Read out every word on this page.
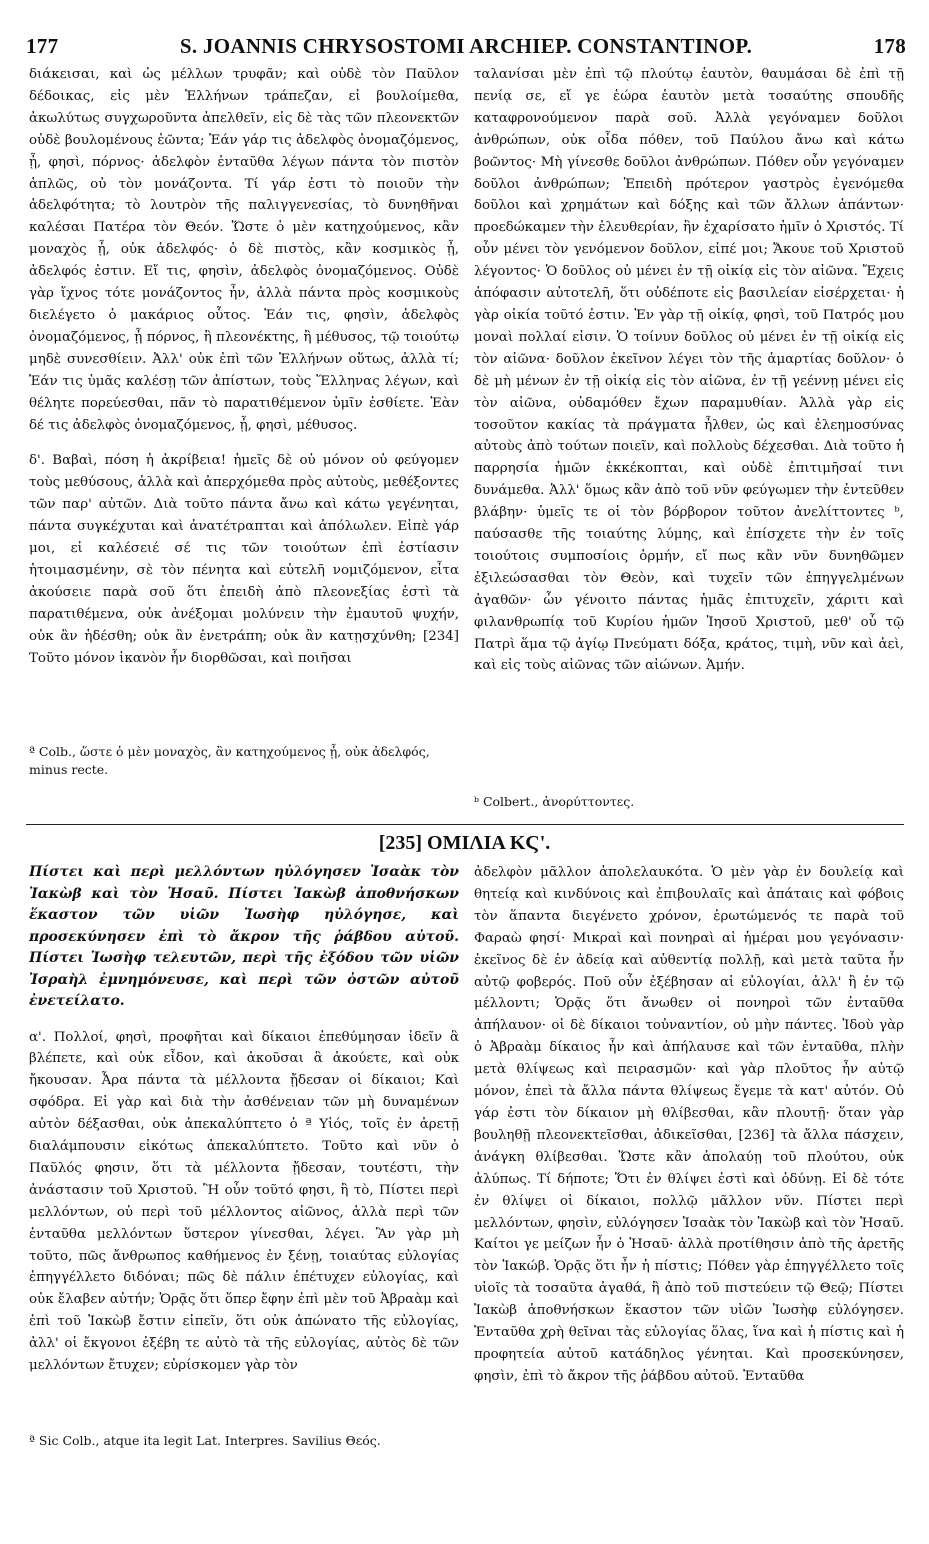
177	S. JOANNIS CHRYSOSTOMI ARCHIEP. CONSTANTINOP.	178

διάκεισαι, καὶ ὡς μέλλων τρυφᾶν; καὶ οὐδὲ τὸν Παῦλον δέδοικας, εἰς μὲν Ἑλλήνων τράπεζαν, εἰ βουλοίμεθα, ἀκωλύτως συγχωροῦντα ἀπελθεῖν, εἰς δὲ τὰς τῶν πλεονεκτῶν οὐδὲ βουλομένους ἐῶντα; Ἐάν γάρ τις ἀδελφὸς ὀνομαζόμενος, ᾖ, φησὶ, πόρνος· ἀδελφὸν ἐνταῦθα λέγων πάντα τὸν πιστὸν ἁπλῶς, οὐ τὸν μονάζοντα. Τί γάρ ἐστι τὸ ποιοῦν τὴν ἀδελφότητα; τὸ λουτρὸν τῆς παλιγγενεσίας, τὸ δυνηθῆναι καλέσαι Πατέρα τὸν Θεόν. Ὥστε ὁ μὲν κατηχούμενος, κἂν μοναχὸς ᾖ, οὐκ ἀδελφός· ὁ δὲ πιστὸς, κἂν κοσμικὸς ᾖ, ἀδελφός ἐστιν. Εἴ τις, φησὶν, ἀδελφὸς ὀνομαζόμενος. Οὐδὲ γὰρ ἴχνος τότε μονάζοντος ἦν, ἀλλὰ πάντα πρὸς κοσμικοὺς διελέγετο ὁ μακάριος οὗτος. Ἐάν τις, φησὶν, ἀδελφὸς ὀνομαζόμενος, ᾖ πόρνος, ἢ πλεονέκτης, ἢ μέθυσος, τῷ τοιούτῳ μηδὲ συνεσθίειν. Ἀλλ' οὐκ ἐπὶ τῶν Ἑλλήνων οὕτως, ἀλλὰ τί; Ἐάν τις ὑμᾶς καλέσῃ τῶν ἀπίστων, τοὺς Ἕλληνας λέγων, καὶ θέλητε πορεύεσθαι, πᾶν τὸ παρατιθέμενον ὑμῖν ἐσθίετε. Ἐὰν δέ τις ἀδελφὸς ὀνομαζόμενος, ᾖ, φησὶ, μέθυσος.

δ'. Βαβαὶ, πόση ἡ ἀκρίβεια! ἡμεῖς δὲ οὐ μόνον οὐ φεύγομεν τοὺς μεθύσους, ἀλλὰ καὶ ἀπερχόμεθα πρὸς αὐτοὺς, μεθέξοντες τῶν παρ' αὐτῶν. Διὰ τοῦτο πάντα ἄνω καὶ κάτω γεγένηται, πάντα συγκέχυται καὶ ἀνατέτραπται καὶ ἀπόλωλεν. Εἰπὲ γάρ μοι, εἰ καλέσειέ σέ τις τῶν τοιούτων ἐπὶ ἑστίασιν ἡτοιμασμένην, σὲ τὸν πένητα καὶ εὐτελῆ νομιζόμενον, εἶτα ἀκούσειε παρὰ σοῦ ὅτι ἐπειδὴ ἀπὸ πλεονεξίας ἐστὶ τὰ παρατιθέμενα, οὐκ ἀνέξομαι μολύνειν τὴν ἐμαυτοῦ ψυχήν, οὐκ ἂν ἡδέσθη; οὐκ ἂν ἐνετράπη; οὐκ ἂν κατῃσχύνθη; [234] Τοῦτο μόνον ἱκανὸν ἦν διορθῶσαι, καὶ ποιῆσαι

ª Colb., ὥστε ὁ μὲν μοναχὸς, ἂν κατηχούμενος ᾖ, οὐκ ἀδελφός, minus recte.

ταλανίσαι μὲν ἐπὶ τῷ πλούτῳ ἑαυτὸν, θαυμάσαι δὲ ἐπὶ τῇ πενίᾳ σε, εἴ γε ἑώρα ἑαυτὸν μετὰ τοσαύτης σπουδῆς καταφρονούμενον παρὰ σοῦ. Ἀλλὰ γεγόναμεν δοῦλοι ἀνθρώπων, οὐκ οἶδα πόθεν, τοῦ Παύλου ἄνω καὶ κάτω βοῶντος· Μὴ γίνεσθε δοῦλοι ἀνθρώπων. Πόθεν οὖν γεγόναμεν δοῦλοι ἀνθρώπων; Ἐπειδὴ πρότερον γαστρὸς ἐγενόμεθα δοῦλοι καὶ χρημάτων καὶ δόξης καὶ τῶν ἄλλων ἁπάντων· προεδώκαμεν τὴν ἐλευθερίαν, ἣν ἐχαρίσατο ἡμῖν ὁ Χριστός. Τί οὖν μένει τὸν γενόμενον δοῦλον, εἰπέ μοι; Ἄκουε τοῦ Χριστοῦ λέγοντος· Ὁ δοῦλος οὐ μένει ἐν τῇ οἰκίᾳ εἰς τὸν αἰῶνα. Ἔχεις ἀπόφασιν αὐτοτελῆ, ὅτι οὐδέποτε εἰς βασιλείαν εἰσέρχεται· ἡ γὰρ οἰκία τοῦτό ἐστιν. Ἐν γὰρ τῇ οἰκίᾳ, φησὶ, τοῦ Πατρός μου μοναὶ πολλαί εἰσιν. Ὁ τοίνυν δοῦλος οὐ μένει ἐν τῇ οἰκίᾳ εἰς τὸν αἰῶνα· δοῦλον ἐκεῖνον λέγει τὸν τῆς ἁμαρτίας δοῦλον· ὁ δὲ μὴ μένων ἐν τῇ οἰκίᾳ εἰς τὸν αἰῶνα, ἐν τῇ γεέννῃ μένει εἰς τὸν αἰῶνα, οὐδαμόθεν ἔχων παραμυθίαν. Ἀλλὰ γὰρ εἰς τοσοῦτον κακίας τὰ πράγματα ἦλθεν, ὡς καὶ ἐλεημοσύνας αὐτοὺς ἀπὸ τούτων ποιεῖν, καὶ πολλοὺς δέχεσθαι. Διὰ τοῦτο ἡ παρρησία ἡμῶν ἐκκέκοπται, καὶ οὐδὲ ἐπιτιμῆσαί τινι δυνάμεθα. Ἀλλ' ὅμως κἂν ἀπὸ τοῦ νῦν φεύγωμεν τὴν ἐντεῦθεν βλάβην· ὑμεῖς τε οἱ τὸν βόρβορον τοῦτον ἀνελίττοντες ᵇ, παύσασθε τῆς τοιαύτης λύμης, καὶ ἐπίσχετε τὴν ἐν τοῖς τοιούτοις συμποσίοις ὁρμήν, εἴ πως κἂν νῦν δυνηθῶμεν ἐξιλεώσασθαι τὸν Θεὸν, καὶ τυχεῖν τῶν ἐπηγγελμένων ἀγαθῶν· ὧν γένοιτο πάντας ἡμᾶς ἐπιτυχεῖν, χάριτι καὶ φιλανθρωπίᾳ τοῦ Κυρίου ἡμῶν Ἰησοῦ Χριστοῦ, μεθ' οὗ τῷ Πατρὶ ἅμα τῷ ἁγίῳ Πνεύματι δόξα, κράτος, τιμὴ, νῦν καὶ ἀεὶ, καὶ εἰς τοὺς αἰῶνας τῶν αἰώνων. Ἀμήν.

ᵇ Colbert., ἀνορύττοντες.
[235] ΟΜΙΛΙΑ ΚϚ'.

Πίστει καὶ περὶ μελλόντων ηὐλόγησεν Ἰσαὰκ τὸν Ἰακὼβ καὶ τὸν Ἡσαῦ. Πίστει Ἰακὼβ ἀποθνήσκων ἕκαστον τῶν υἱῶν Ἰωσὴφ ηὐλόγησε, καὶ προσεκύνησεν ἐπὶ τὸ ἄκρον τῆς ῥάβδου αὐτοῦ. Πίστει Ἰωσὴφ τελευτῶν, περὶ τῆς ἐξόδου τῶν υἱῶν Ἰσραὴλ ἐμνημόνευσε, καὶ περὶ τῶν ὀστῶν αὐτοῦ ἐνετείλατο.

α'. Πολλοί, φησὶ, προφῆται καὶ δίκαιοι ἐπεθύμησαν ἰδεῖν ἃ βλέπετε, καὶ οὐκ εἶδον, καὶ ἀκοῦσαι ἃ ἀκούετε, καὶ οὐκ ἤκουσαν. Ἆρα πάντα τὰ μέλλοντα ᾔδεσαν οἱ δίκαιοι; Καὶ σφόδρα. Εἰ γὰρ καὶ διὰ τὴν ἀσθένειαν τῶν μὴ δυναμένων αὐτὸν δέξασθαι, οὐκ ἀπεκαλύπτετο ὁ ª Υἱός, τοῖς ἐν ἀρετῇ διαλάμπουσιν εἰκότως ἀπεκαλύπτετο. Τοῦτο καὶ νῦν ὁ Παῦλός φησιν, ὅτι τὰ μέλλοντα ᾔδεσαν, τουτέστι, τὴν ἀνάστασιν τοῦ Χριστοῦ. Ἢ οὖν τοῦτό φησι, ἢ τὸ, Πίστει περὶ μελλόντων, οὐ περὶ τοῦ μέλλοντος αἰῶνος, ἀλλὰ περὶ τῶν ἐνταῦθα μελλόντων ὕστερον γίνεσθαι, λέγει. Ἂν γὰρ μὴ τοῦτο, πῶς ἄνθρωπος καθήμενος ἐν ξένῃ, τοιαύτας εὐλογίας ἐπηγγέλλετο διδόναι; πῶς δὲ πάλιν ἐπέτυχεν εὐλογίας, καὶ οὐκ ἔλαβεν αὐτήν; Ὁρᾷς ὅτι ὅπερ ἔφην ἐπὶ μὲν τοῦ Ἀβραὰμ καὶ ἐπὶ τοῦ Ἰακὼβ ἔστιν εἰπεῖν, ὅτι οὐκ ἀπώνατο τῆς εὐλογίας, ἀλλ' οἱ ἔκγονοι ἐξέβη τε αὐτὸ τὰ τῆς εὐλογίας, αὐτὸς δὲ τῶν μελλόντων ἔτυχεν; εὑρίσκομεν γὰρ τὸν

ª Sic Colb., atque ita legit Lat. Interpres. Savilius Θεός.

ἀδελφὸν μᾶλλον ἀπολελαυκότα. Ὁ μὲν γὰρ ἐν δουλείᾳ καὶ θητείᾳ καὶ κινδύνοις καὶ ἐπιβουλαῖς καὶ ἀπάταις καὶ φόβοις τὸν ἅπαντα διεγένετο χρόνον, ἐρωτώμενός τε παρὰ τοῦ Φαραὼ φησί· Μικραὶ καὶ πονηραὶ αἱ ἡμέραι μου γεγόνασιν· ἐκεῖνος δὲ ἐν ἀδείᾳ καὶ αὐθεντίᾳ πολλῇ, καὶ μετὰ ταῦτα ἦν αὐτῷ φοβερός. Ποῦ οὖν ἐξέβησαν αἱ εὐλογίαι, ἀλλ' ἢ ἐν τῷ μέλλοντι; Ὁρᾷς ὅτι ἄνωθεν οἱ πονηροὶ τῶν ἐνταῦθα ἀπήλαυον· οἱ δὲ δίκαιοι τοὐναντίον, οὐ μὴν πάντες. Ἰδοὺ γὰρ ὁ Ἀβραὰμ δίκαιος ἦν καὶ ἀπήλαυσε καὶ τῶν ἐνταῦθα, πλὴν μετὰ θλίψεως καὶ πειρασμῶν· καὶ γὰρ πλοῦτος ἦν αὐτῷ μόνον, ἐπεὶ τὰ ἄλλα πάντα θλίψεως ἔγεμε τὰ κατ' αὐτόν. Οὐ γάρ ἐστι τὸν δίκαιον μὴ θλίβεσθαι, κἂν πλουτῇ· ὅταν γὰρ βουληθῇ πλεονεκτεῖσθαι, ἀδικεῖσθαι, [236] τὰ ἄλλα πάσχειν, ἀνάγκη θλίβεσθαι. Ὥστε κἂν ἀπολαύῃ τοῦ πλούτου, οὐκ ἀλύπως. Τί δήποτε; Ὅτι ἐν θλίψει ἐστὶ καὶ ὀδύνῃ. Εἰ δὲ τότε ἐν θλίψει οἱ δίκαιοι, πολλῷ μᾶλλον νῦν. Πίστει περὶ μελλόντων, φησὶν, εὐλόγησεν Ἰσαὰκ τὸν Ἰακὼβ καὶ τὸν Ἡσαῦ. Καίτοι γε μείζων ἦν ὁ Ἡσαῦ· ἀλλὰ προτίθησιν ἀπὸ τῆς ἀρετῆς τὸν Ἰακώβ. Ὁρᾷς ὅτι ἦν ἡ πίστις; Πόθεν γὰρ ἐπηγγέλλετο τοῖς υἱοῖς τὰ τοσαῦτα ἀγαθά, ἢ ἀπὸ τοῦ πιστεύειν τῷ Θεῷ; Πίστει Ἰακὼβ ἀποθνήσκων ἕκαστον τῶν υἱῶν Ἰωσὴφ εὐλόγησεν. Ἐνταῦθα χρὴ θεῖναι τὰς εὐλογίας ὅλας, ἵνα καὶ ἡ πίστις καὶ ἡ προφητεία αὐτοῦ κατάδηλος γένηται. Καὶ προσεκύνησεν, φησὶν, ἐπὶ τὸ ἄκρον τῆς ῥάβδου αὐτοῦ. Ἐνταῦθα
